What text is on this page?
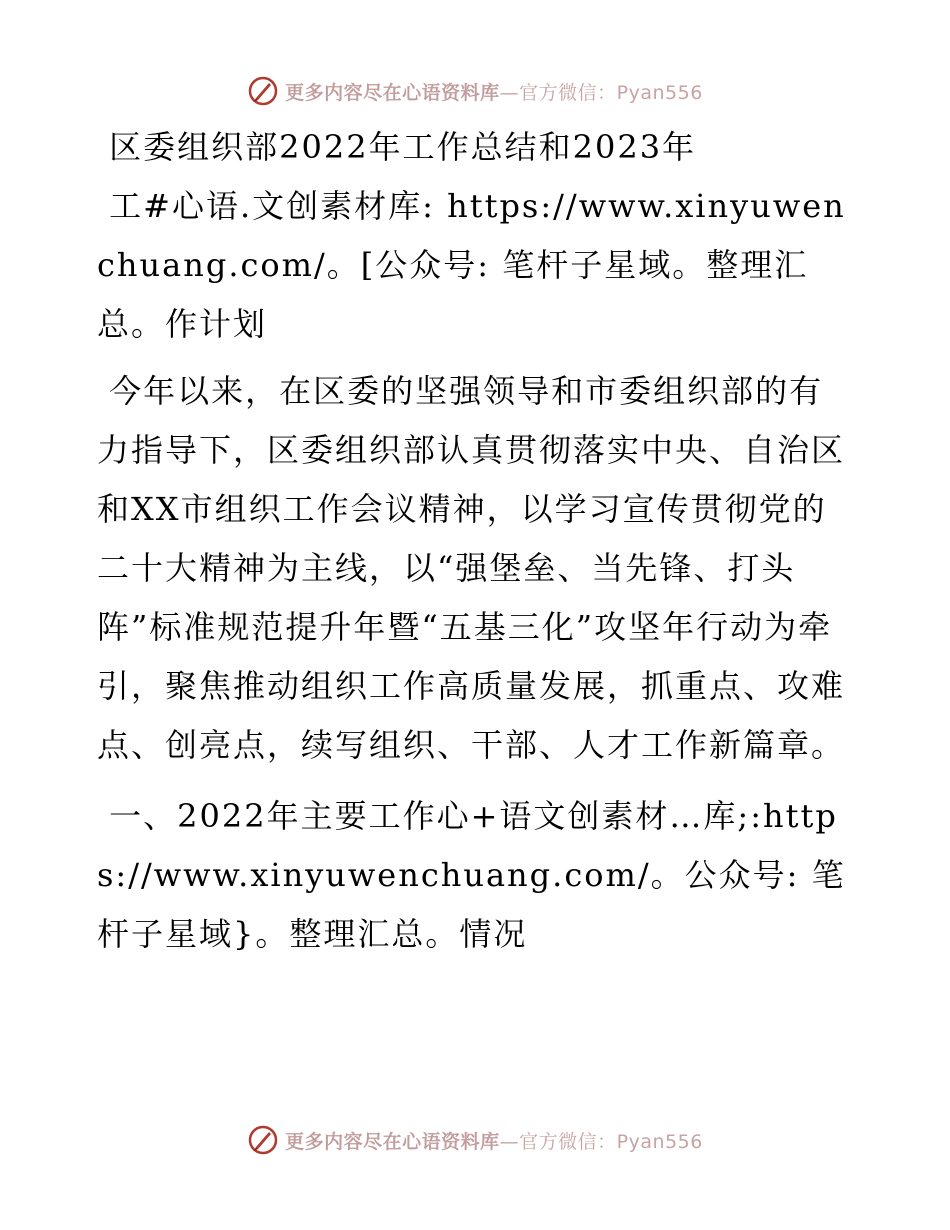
更多内容尽在心语资料库—官方微信：Pyan556

区委组织部2022年工作总结和2023年

工#心语.文创素材库: https://www.xinyuwenchuang.com/。[公众号: 笔杆子星域。整理汇总。作计划

今年以来，在区委的坚强领导和市委组织部的有力指导下，区委组织部认真贯彻落实中央、自治区和XX市组织工作会议精神，以学习宣传贯彻党的二十大精神为主线，以“强堡垒、当先锋、打头阵”标准规范提升年暨“五基三化”攻坚年行动为牵引，聚焦推动组织工作高质量发展，抓重点、攻难点、创亮点，续写组织、干部、人才工作新篇章。

一、2022年主要工作心+语文创素材…库;:https://www.xinyuwenchuang.com/。公众号: 笔杆子星域}。整理汇总。情况

更多内容尽在心语资料库—官方微信：Pyan556
